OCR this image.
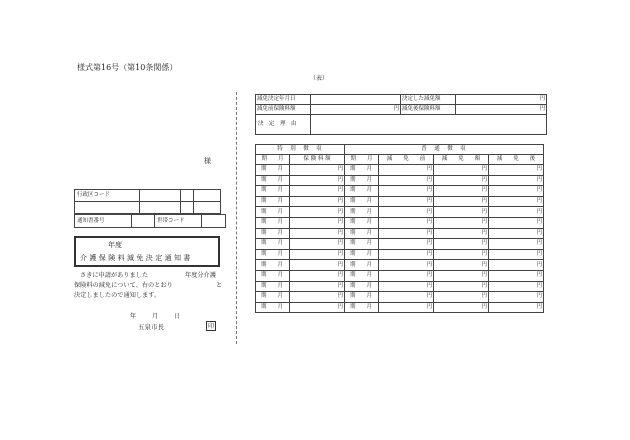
様式第16号（第10条関係）
（表）
様
行政区コード			

通知書番号		世帯コード	
年度
介護保険料減免決定通知書
さきに申請がありました	年度分介護
保険料の減免について、右のとおり	と
決定しましたので通知します。
年	月	日
五泉市長	印
減免決定年月日		決定した減免額	円
減免前保険料額	円	減免後保険料額	円
決　定　理　由			
特　別　徴　収		普　通　徴　収			
期　　月	保 険 料 額	期　　月	減　　免　　前	減　　免　　額	減　　免　　後
期　　月	円	期　　月	円	円	円
期　　月	円	期　　月	円	円	円
期　　月	円	期　　月	円	円	円
期　　月	円	期　　月	円	円	円
期　　月	円	期　　月	円	円	円
期　　月	円	期　　月	円	円	円
期　　月	円	期　　月	円	円	円
期　　月	円	期　　月	円	円	円
期　　月	円	期　　月	円	円	円
期　　月	円	期　　月	円	円	円
期　　月	円	期　　月	円	円	円
期　　月	円	期　　月	円	円	円
期　　月	円	期　　月	円	円	円
期　　月	円	期　　月	円	円	円
